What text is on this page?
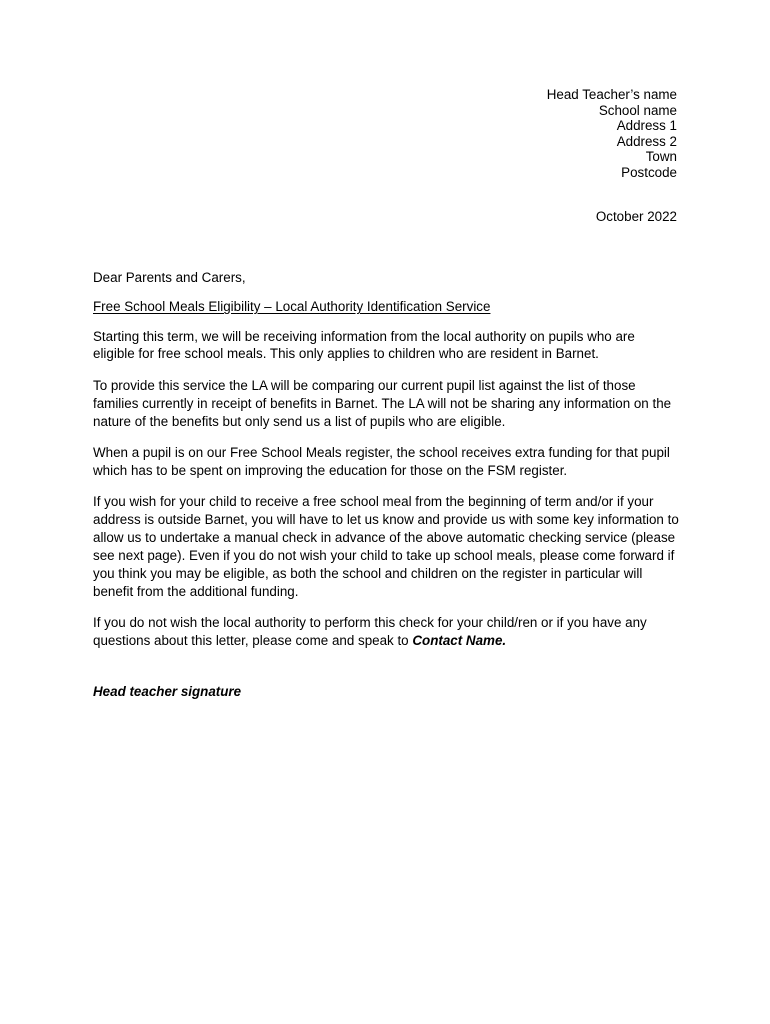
Head Teacher’s name
School name
Address 1
Address 2
Town
Postcode
October 2022

Dear Parents and Carers,

Free School Meals Eligibility – Local Authority Identification Service

Starting this term, we will be receiving information from the local authority on pupils who are eligible for free school meals. This only applies to children who are resident in Barnet.

To provide this service the LA will be comparing our current pupil list against the list of those families currently in receipt of benefits in Barnet. The LA will not be sharing any information on the nature of the benefits but only send us a list of pupils who are eligible.

When a pupil is on our Free School Meals register, the school receives extra funding for that pupil which has to be spent on improving the education for those on the FSM register.

If you wish for your child to receive a free school meal from the beginning of term and/or if your address is outside Barnet, you will have to let us know and provide us with some key information to allow us to undertake a manual check in advance of the above automatic checking service (please see next page). Even if you do not wish your child to take up school meals, please come forward if you think you may be eligible, as both the school and children on the register in particular will benefit from the additional funding.

If you do not wish the local authority to perform this check for your child/ren or if you have any questions about this letter, please come and speak to Contact Name.

Head teacher signature
